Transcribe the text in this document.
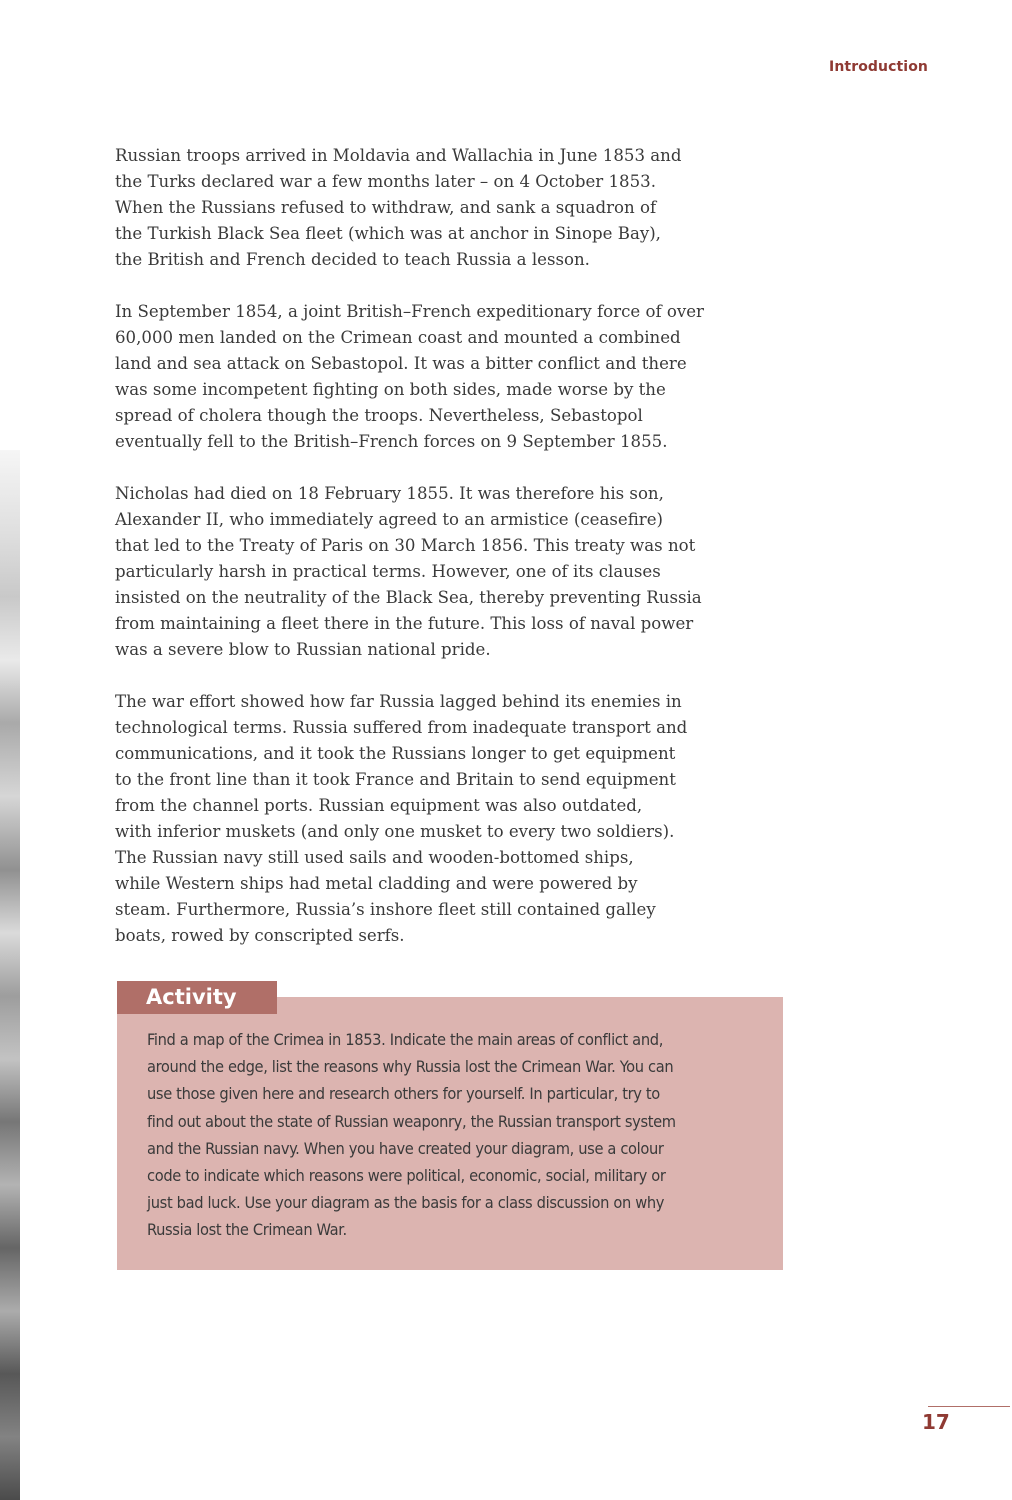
Introduction

Russian troops arrived in Moldavia and Wallachia in June 1853 and
the Turks declared war a few months later – on 4 October 1853.
When the Russians refused to withdraw, and sank a squadron of
the Turkish Black Sea fleet (which was at anchor in Sinope Bay),
the British and French decided to teach Russia a lesson.

In September 1854, a joint British–French expeditionary force of over
60,000 men landed on the Crimean coast and mounted a combined
land and sea attack on Sebastopol. It was a bitter conflict and there
was some incompetent fighting on both sides, made worse by the
spread of cholera though the troops. Nevertheless, Sebastopol
eventually fell to the British–French forces on 9 September 1855.

Nicholas had died on 18 February 1855. It was therefore his son,
Alexander II, who immediately agreed to an armistice (ceasefire)
that led to the Treaty of Paris on 30 March 1856. This treaty was not
particularly harsh in practical terms. However, one of its clauses
insisted on the neutrality of the Black Sea, thereby preventing Russia
from maintaining a fleet there in the future. This loss of naval power
was a severe blow to Russian national pride.

The war effort showed how far Russia lagged behind its enemies in
technological terms. Russia suffered from inadequate transport and
communications, and it took the Russians longer to get equipment
to the front line than it took France and Britain to send equipment
from the channel ports. Russian equipment was also outdated,
with inferior muskets (and only one musket to every two soldiers).
The Russian navy still used sails and wooden-bottomed ships,
while Western ships had metal cladding and were powered by
steam. Furthermore, Russia’s inshore fleet still contained galley
boats, rowed by conscripted serfs.

Activity
Find a map of the Crimea in 1853. Indicate the main areas of conflict and,
around the edge, list the reasons why Russia lost the Crimean War. You can
use those given here and research others for yourself. In particular, try to
find out about the state of Russian weaponry, the Russian transport system
and the Russian navy. When you have created your diagram, use a colour
code to indicate which reasons were political, economic, social, military or
just bad luck. Use your diagram as the basis for a class discussion on why
Russia lost the Crimean War.
17
